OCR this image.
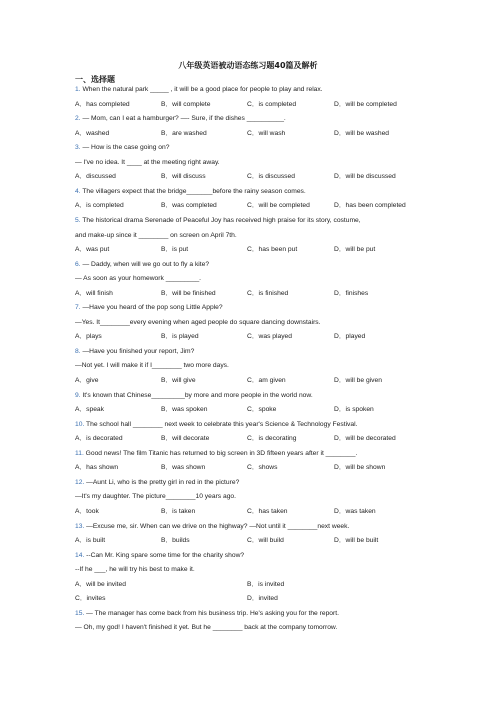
八年级英语被动语态练习题40篇及解析
一、选择题
1. When the natural park _____ , it will be a good place for people to play and relax.
A．has completed	B．will complete	C．is completed	D．will be completed
2. — Mom, can I eat a hamburger? —- Sure, if the dishes __________.
A．washed	B．are washed	C．will wash	D．will be washed
3. — How is the case going on?
— I've no idea. It ____ at the meeting right away.
A．discussed	B．will discuss	C．is discussed	D．will be discussed
4. The villagers expect that the bridge_______before the rainy season comes.
A．is completed	B．was completed	C．will be completed	D．has been completed
5. The historical drama Serenade of Peaceful Joy has received high praise for its story, costume,
and make-up since it ________ on screen on April 7th.
A．was put	B．is put	C．has been put	D．will be put
6. — Daddy, when will we go out to fly a kite?
— As soon as your homework _________.
A．will finish	B．will be finished	C．is finished	D．finishes
7. —Have you heard of the pop song Little Apple?
—Yes. It________every evening when aged people do square dancing downstairs.
A．plays	B．is played	C．was played	D．played
8. —Have you finished your report, Jim?
—Not yet. I will make it if I________ two more days.
A．give	B．will give	C．am given	D．will be given
9. It's known that Chinese_________by more and more people in the world now.
A．speak	B．was spoken	C．spoke	D．is spoken
10. The school hall ________ next week to celebrate this year's Science & Technology Festival.
A．is decorated	B．will decorate	C．is decorating	D．will be decorated
11. Good news! The film Titanic has returned to big screen in 3D fifteen years after it ________.
A．has shown	B．was shown	C．shows	D．will be shown
12. —Aunt Li, who is the pretty girl in red in the picture?
—It's my daughter. The picture________10 years ago.
A．took	B．is taken	C．has taken	D．was taken
13. —Excuse me, sir. When can we drive on the highway? —Not until it ________next week.
A．is built	B．builds	C．will build	D．will be built
14. --Can Mr. King spare some time for the charity show?
--If he ___, he will try his best to make it.
A．will be invited	B．is invited
C．invites	D．invited
15. — The manager has come back from his business trip. He's asking you for the report.
— Oh, my god! I haven't finished it yet. But he ________ back at the company tomorrow.
